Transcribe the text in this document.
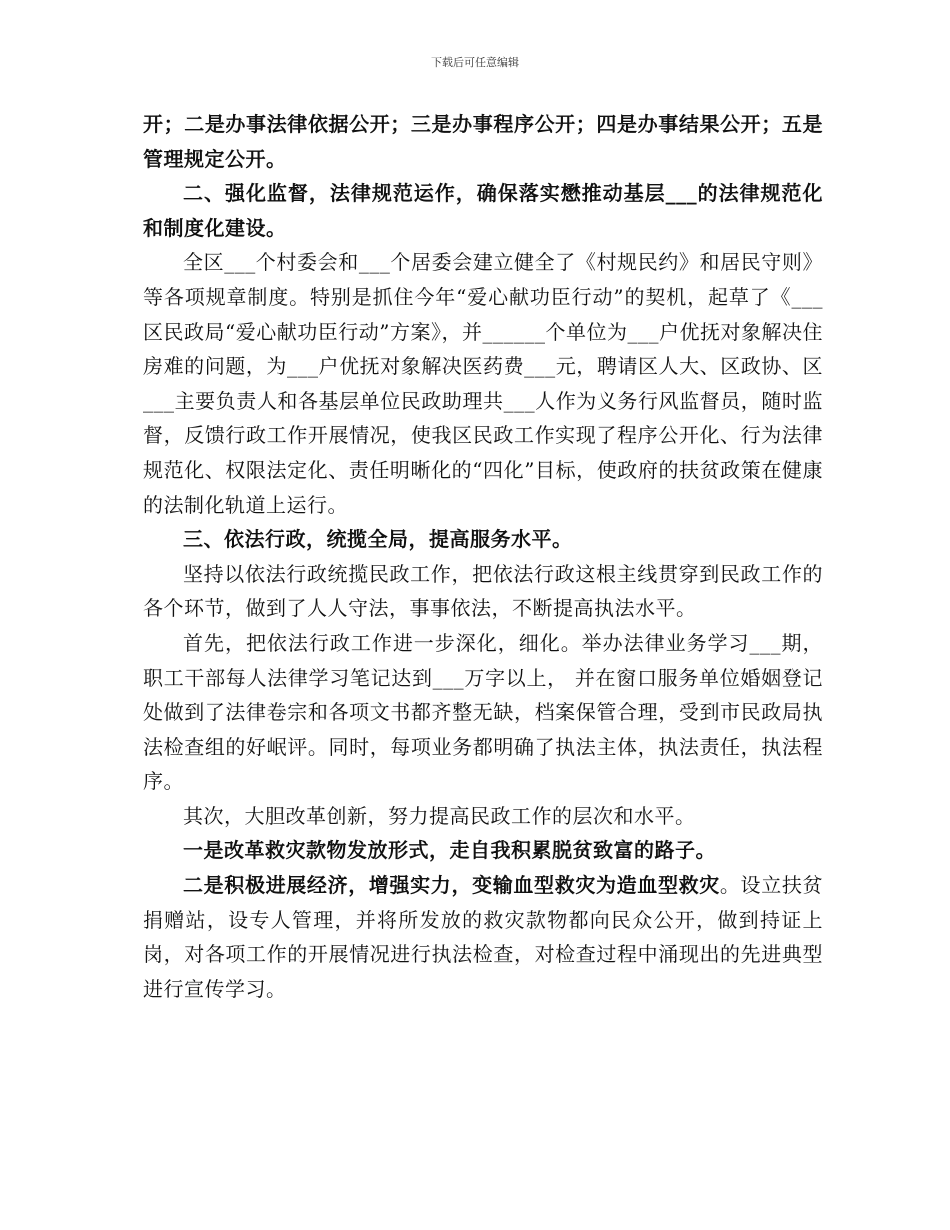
下载后可任意编辑

开；二是办事法律依据公开；三是办事程序公开；四是办事结果公开；五是管理规定公开。

二、强化监督，法律规范运作，确保落实懋推动基层___的法律规范化和制度化建设。

全区___个村委会和___个居委会建立健全了《村规民约》和居民守则》等各项规章制度。特别是抓住今年“爱心献功臣行动”的契机，起草了《___区民政局“爱心献功臣行动”方案》，并______个单位为___户优抚对象解决住房难的问题，为___户优抚对象解决医药费___元，聘请区人大、区政协、区___主要负责人和各基层单位民政助理共___人作为义务行风监督员，随时监督，反馈行政工作开展情况，使我区民政工作实现了程序公开化、行为法律规范化、权限法定化、责任明晰化的“四化”目标，使政府的扶贫政策在健康的法制化轨道上运行。

三、依法行政，统揽全局，提高服务水平。

坚持以依法行政统揽民政工作，把依法行政这根主线贯穿到民政工作的各个环节，做到了人人守法，事事依法，不断提高执法水平。

首先，把依法行政工作进一步深化，细化。举办法律业务学习___期，职工干部每人法律学习笔记达到___万字以上， 并在窗口服务单位婚姻登记处做到了法律卷宗和各项文书都齐整无缺，档案保管合理，受到市民政局执法检查组的好岷评。同时，每项业务都明确了执法主体，执法责任，执法程序。

其次，大胆改革创新，努力提高民政工作的层次和水平。

一是改革救灾款物发放形式，走自我积累脱贫致富的路子。

二是积极进展经济，增强实力，变输血型救灾为造血型救灾。设立扶贫捐赠站，设专人管理，并将所发放的救灾款物都向民众公开，做到持证上岗，对各项工作的开展情况进行执法检查，对检查过程中涌现出的先进典型进行宣传学习。
